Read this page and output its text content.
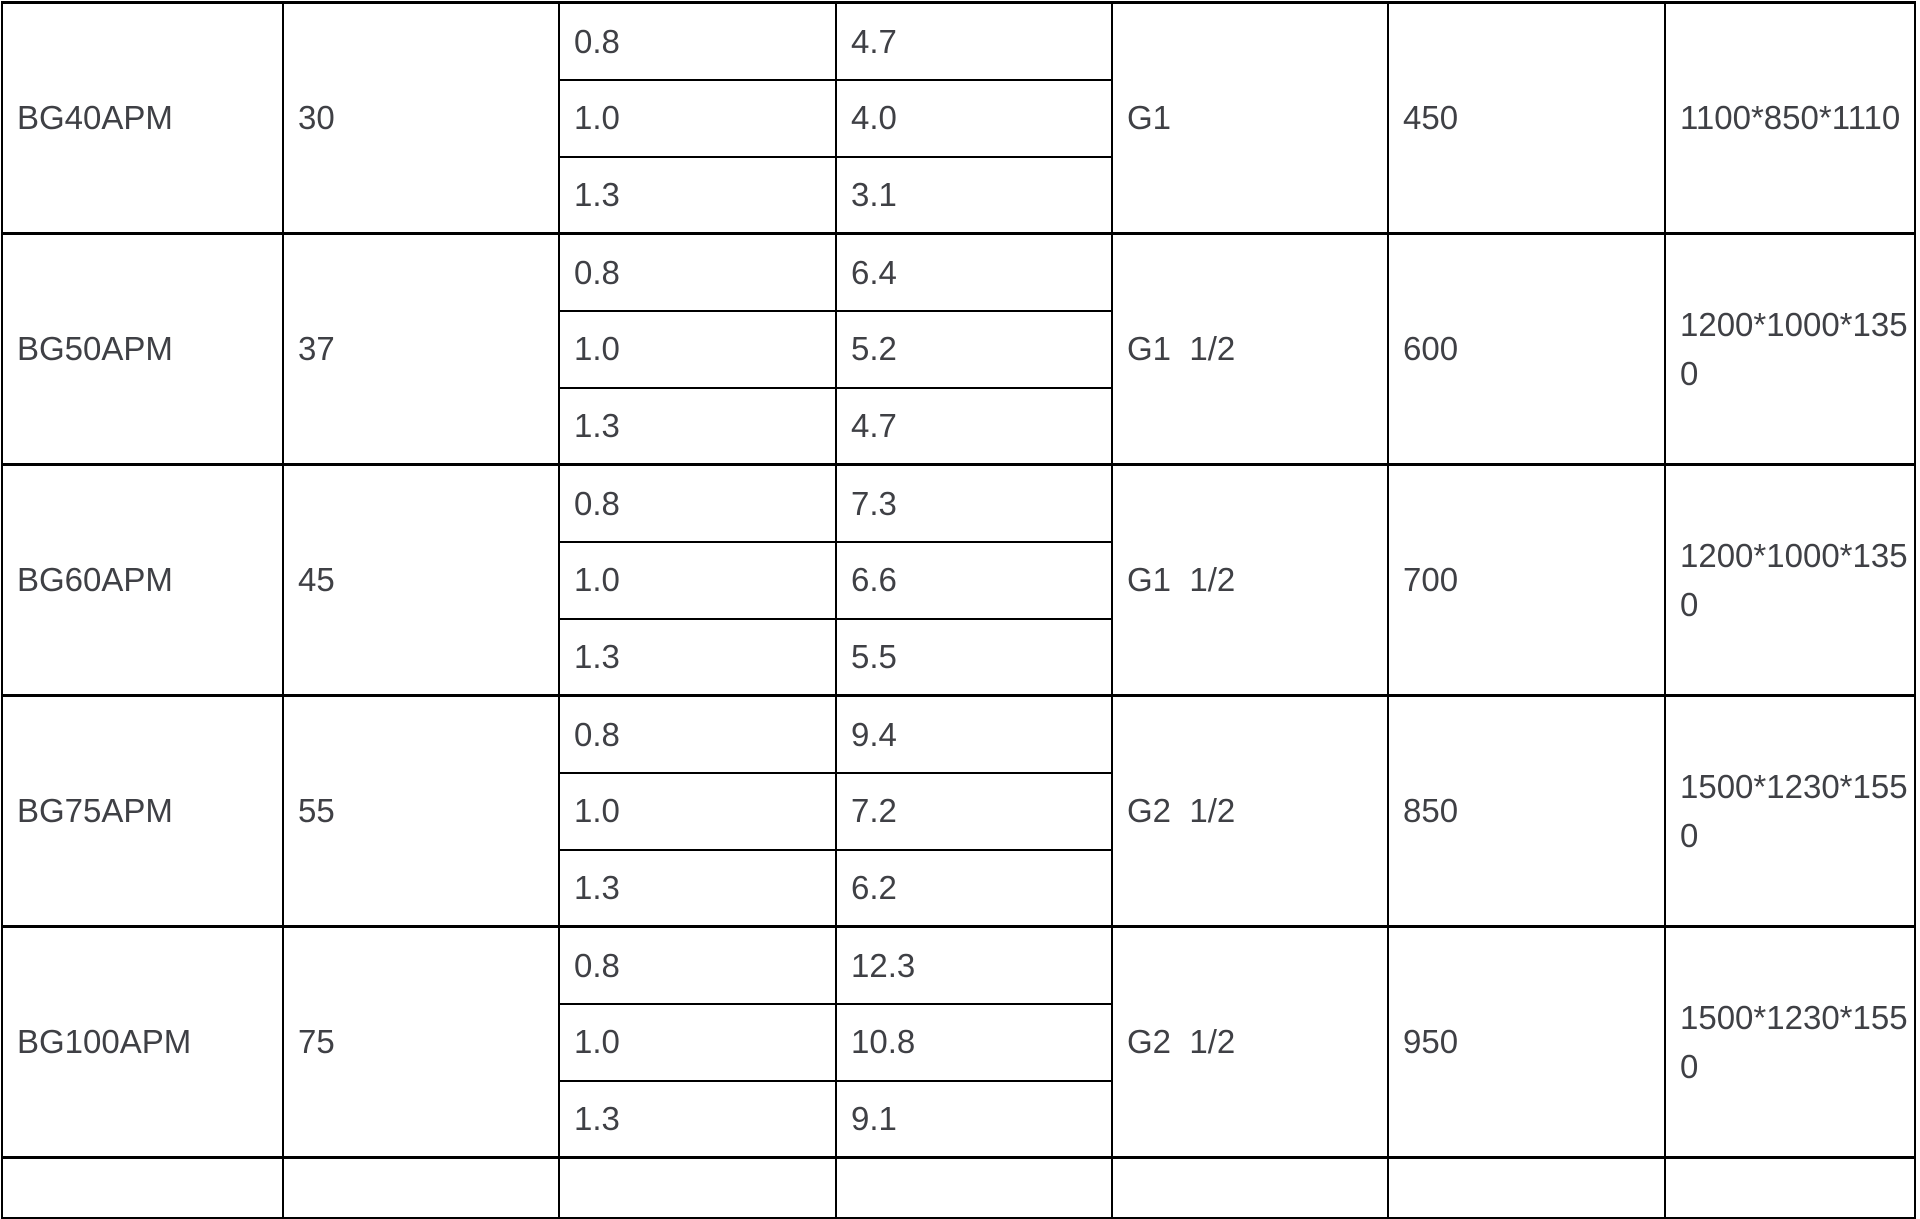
BG40APM	30	0.8	4.7	G1	450	1100*850*1110
		1.0	4.0			
		1.3	3.1			
BG50APM	37	0.8	6.4	G1  1/2	600	1200*1000*1350
		1.0	5.2			
		1.3	4.7			
BG60APM	45	0.8	7.3	G1  1/2	700	1200*1000*1350
		1.0	6.6			
		1.3	5.5			
BG75APM	55	0.8	9.4	G2  1/2	850	1500*1230*1550
		1.0	7.2			
		1.3	6.2			
BG100APM	75	0.8	12.3	G2  1/2	950	1500*1230*1550
		1.0	10.8			
		1.3	9.1			
